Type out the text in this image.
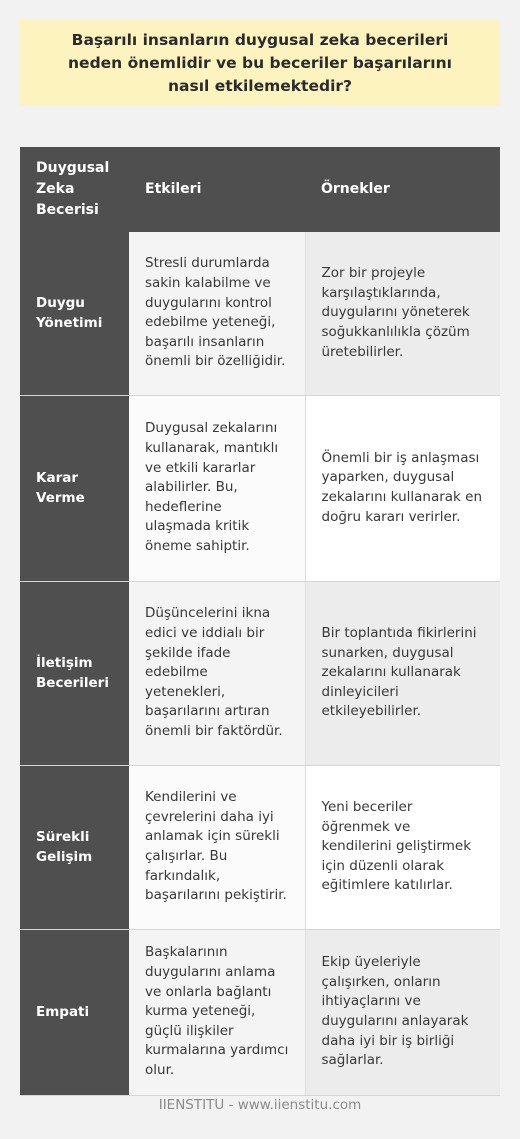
Başarılı insanların duygusal zeka becerileri neden önemlidir ve bu beceriler başarılarını nasıl etkilemektedir?
Duygusal Zeka Becerisi	Etkileri	Örnekler
Duygu Yönetimi	Stresli durumlarda sakin kalabilme ve duygularını kontrol edebilme yeteneği, başarılı insanların önemli bir özelliğidir.	Zor bir projeyle karşılaştıklarında, duygularını yöneterek soğukkanlılıkla çözüm üretebilirler.
Karar Verme	Duygusal zekalarını kullanarak, mantıklı ve etkili kararlar alabilirler. Bu, hedeflerine ulaşmada kritik öneme sahiptir.	Önemli bir iş anlaşması yaparken, duygusal zekalarını kullanarak en doğru kararı verirler.
İletişim Becerileri	Düşüncelerini ikna edici ve iddialı bir şekilde ifade edebilme yetenekleri, başarılarını artıran önemli bir faktördür.	Bir toplantıda fikirlerini sunarken, duygusal zekalarını kullanarak dinleyicileri etkileyebilirler.
Sürekli Gelişim	Kendilerini ve çevrelerini daha iyi anlamak için sürekli çalışırlar. Bu farkındalık, başarılarını pekiştirir.	Yeni beceriler öğrenmek ve kendilerini geliştirmek için düzenli olarak eğitimlere katılırlar.
Empati	Başkalarının duygularını anlama ve onlarla bağlantı kurma yeteneği, güçlü ilişkiler kurmalarına yardımcı olur.	Ekip üyeleriyle çalışırken, onların ihtiyaçlarını ve duygularını anlayarak daha iyi bir iş birliği sağlarlar.
IIENSTITU - www.iienstitu.com
